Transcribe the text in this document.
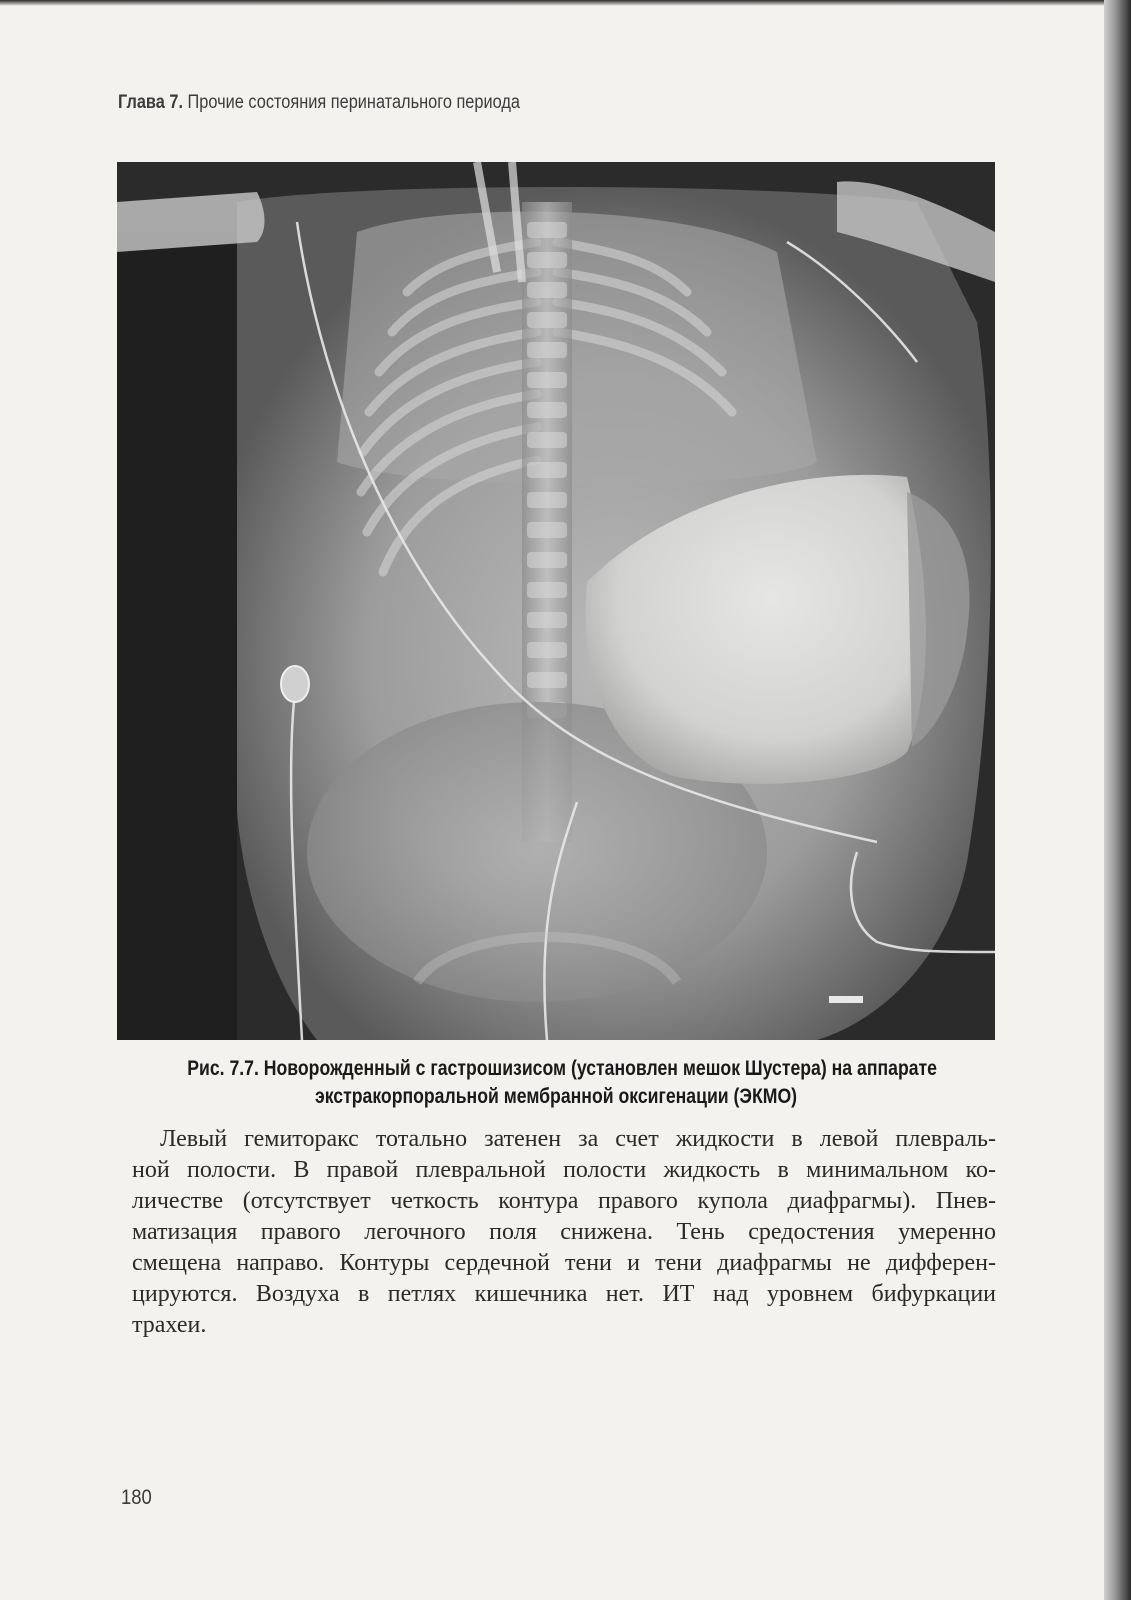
Глава 7. Прочие состояния перинатального периода
Рис. 7.7. Новорожденный с гастрошизисом (установлен мешок Шустера) на аппарате
экстракорпоральной мембранной оксигенации (ЭКМО)
Левый гемиторакс тотально затенен за счет жидкости в левой плевраль-
ной полости. В правой плевральной полости жидкость в минимальном ко-
личестве (отсутствует четкость контура правого купола диафрагмы). Пнев-
матизация правого легочного поля снижена. Тень средостения умеренно
смещена направо. Контуры сердечной тени и тени диафрагмы не дифферен-
цируются. Воздуха в петлях кишечника нет. ИТ над уровнем бифуркации
трахеи.
180
